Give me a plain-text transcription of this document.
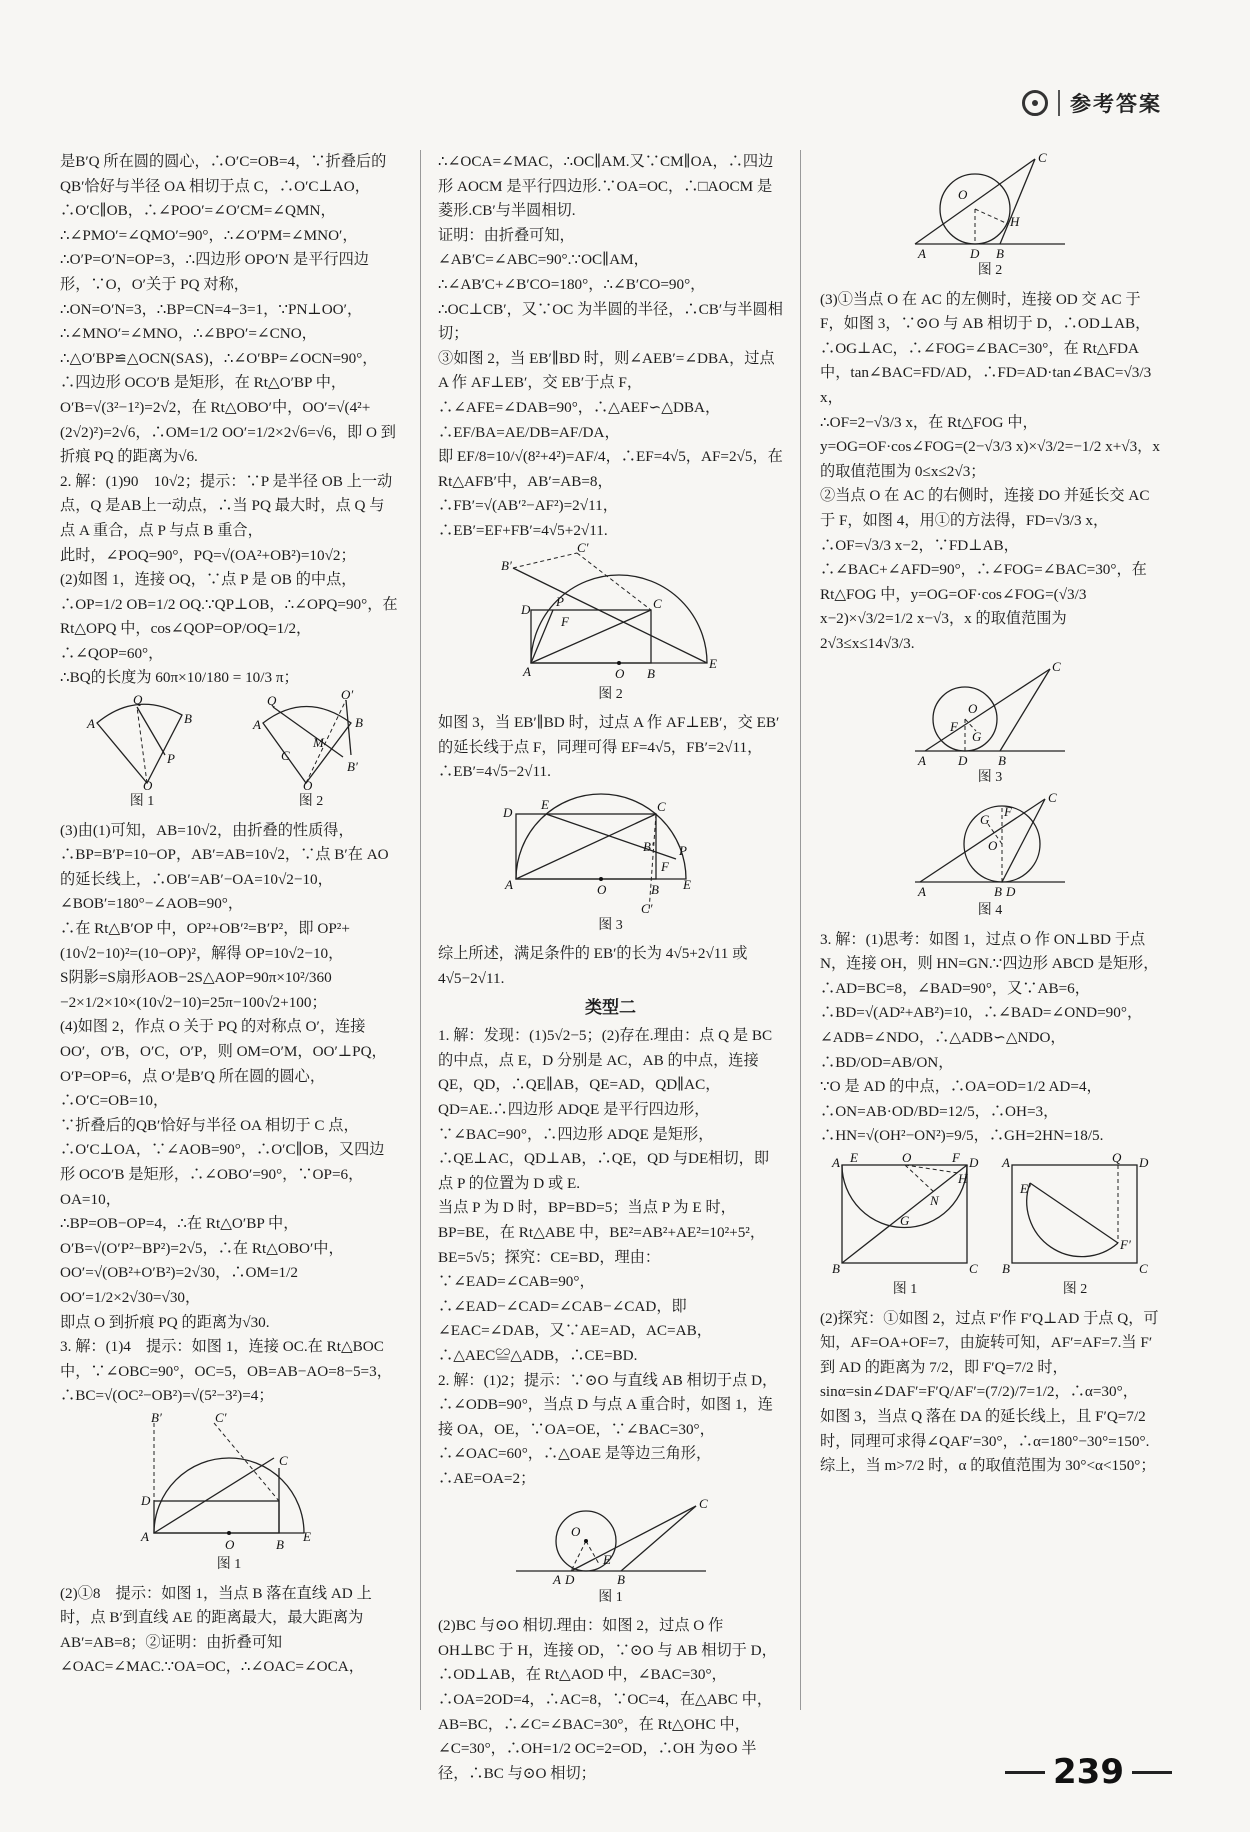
参考答案

是B′Q 所在圆的圆心，∴O′C=OB=4，∵折叠后的QB′恰好与半径 OA 相切于点 C，∴O′C⊥AO，∴O′C∥OB，∴∠POO′=∠O′CM=∠QMN，

∴∠PMO′=∠QMO′=90°，∴∠O′PM=∠MNO′，∴O′P=O′N=OP=3，∴四边形 OPO′N 是平行四边形，∵O，O′关于 PQ 对称，

∴ON=O′N=3，∴BP=CN=4−3=1，∵PN⊥OO′，∴∠MNO′=∠MNO，∴∠BPO′=∠CNO，∴△O′BP≌△OCN(SAS)，∴∠O′BP=∠OCN=90°，

∴四边形 OCO′B 是矩形，在 Rt△O′BP 中，O′B=√(3²−1²)=2√2，在 Rt△OBO′中，OO′=√(4²+(2√2)²)=2√6，∴OM=1/2 OO′=1/2×2√6=√6，即 O 到折痕 PQ 的距离为√6.

2. 解：(1)90　10√2；提示：∵P 是半径 OB 上一动点，Q 是AB上一动点，∴当 PQ 最大时，点 Q 与点 A 重合，点 P 与点 B 重合，

此时，∠POQ=90°，PQ=√(OA²+OB²)=10√2；

(2)如图 1，连接 OQ，∵点 P 是 OB 的中点，∴OP=1/2 OB=1/2 OQ.∵QP⊥OB，∴∠OPQ=90°，在 Rt△OPQ 中，cos∠QOP=OP/OQ=1/2，∴∠QOP=60°，

∴BQ的长度为 60π×10/180 = 10/3 π；

Q
A	B
P
O
图 1
Q	O′
A	B
M
C
B′
O
图 2

(3)由(1)可知，AB=10√2，由折叠的性质得，∴BP=B′P=10−OP，AB′=AB=10√2，∵点 B′在 AO 的延长线上，∴OB′=AB′−OA=10√2−10，∠BOB′=180°−∠AOB=90°，

∴在 Rt△B′OP 中，OP²+OB′²=B′P²，即 OP²+(10√2−10)²=(10−OP)²，解得 OP=10√2−10，

S阴影=S扇形AOB−2S△AOP=90π×10²/360 −2×1/2×10×(10√2−10)=25π−100√2+100；

(4)如图 2，作点 O 关于 PQ 的对称点 O′，连接 OO′，O′B，O′C，O′P，则 OM=O′M，OO′⊥PQ，O′P=OP=6，点 O′是B′Q 所在圆的圆心，∴O′C=OB=10，

∵折叠后的QB′恰好与半径 OA 相切于 C 点，∴O′C⊥OA，∵∠AOB=90°，∴O′C∥OB，又四边形 OCO′B 是矩形，∴∠OBO′=90°，∵OP=6，OA=10，

∴BP=OB−OP=4，∴在 Rt△O′BP 中，O′B=√(O′P²−BP²)=2√5，∴在 Rt△OBO′中，OO′=√(OB²+O′B²)=2√30，∴OM=1/2 OO′=1/2×2√30=√30，

即点 O 到折痕 PQ 的距离为√30.

3. 解：(1)4　提示：如图 1，连接 OC.在 Rt△BOC 中，∵∠OBC=90°，OC=5，OB=AB−AO=8−5=3，∴BC=√(OC²−OB²)=√(5²−3²)=4；

B′	C′
D
C
A
O	B
E
图 1

(2)①8　提示：如图 1，当点 B 落在直线 AD 上时，点 B′到直线 AE 的距离最大，最大距离为 AB′=AB=8；②证明：由折叠可知∠OAC=∠MAC.∵OA=OC，∴∠OAC=∠OCA，

∴∠OCA=∠MAC，∴OC∥AM.又∵CM∥OA，∴四边形 AOCM 是平行四边形.∵OA=OC，∴□AOCM 是菱形.CB′与半圆相切.

证明：由折叠可知，∠AB′C=∠ABC=90°.∵OC∥AM，∴∠AB′C+∠B′CO=180°，∴∠B′CO=90°，∴OC⊥CB′，又∵OC 为半圆的半径，∴CB′与半圆相切；

③如图 2，当 EB′∥BD 时，则∠AEB′=∠DBA，过点 A 作 AF⊥EB′，交 EB′于点 F，∴∠AFE=∠DAB=90°，∴△AEF∽△DBA，∴EF/BA=AE/DB=AF/DA，

即 EF/8=10/√(8²+4²)=AF/4，∴EF=4√5，AF=2√5，在 Rt△AFB′中，AB′=AB=8，∴FB′=√(AB′²−AF²)=2√11，∴EB′=EF+FB′=4√5+2√11.

B′
C′
D
P
F
C
A	O B
E
图 2

如图 3，当 EB′∥BD 时，过点 A 作 AF⊥EB′，交 EB′的延长线于点 F，同理可得 EF=4√5，FB′=2√11，∴EB′=4√5−2√11.

D
E	C
B′ P
F
A	O	B E
C′
图 3

综上所述，满足条件的 EB′的长为 4√5+2√11 或 4√5−2√11.

类型二

1. 解：发现：(1)5√2−5；(2)存在.理由：点 Q 是 BC 的中点，点 E，D 分别是 AC，AB 的中点，连接 QE，QD，∴QE∥AB，QE=AD，QD∥AC，QD=AE.∴四边形 ADQE 是平行四边形，∵∠BAC=90°，∴四边形 ADQE 是矩形，∴QE⊥AC，QD⊥AB，∴QE，QD 与DE相切，即点 P 的位置为 D 或 E.

当点 P 为 D 时，BP=BD=5；当点 P 为 E 时，BP=BE，在 Rt△ABE 中，BE²=AB²+AE²=10²+5²，BE=5√5；探究：CE=BD，理由：∵∠EAD=∠CAB=90°，∴∠EAD−∠CAD=∠CAB−∠CAD，即∠EAC=∠DAB，又∵AE=AD，AC=AB，∴△AEC≌△ADB，∴CE=BD.

2. 解：(1)2；提示：∵⊙O 与直线 AB 相切于点 D，∴∠ODB=90°，当点 D 与点 A 重合时，如图 1，连接 OA，OE，∵OA=OE，∵∠BAC=30°，∴∠OAC=60°，∴△OAE 是等边三角形，∴AE=OA=2；

O
C
E
A D	B
图 1

(2)BC 与⊙O 相切.理由：如图 2，过点 O 作 OH⊥BC 于 H，连接 OD，∵⊙O 与 AB 相切于 D，∴OD⊥AB，在 Rt△AOD 中，∠BAC=30°，∴OA=2OD=4，∴AC=8，∵OC=4，在△ABC 中，AB=BC，∴∠C=∠BAC=30°，在 Rt△OHC 中，∠C=30°，∴OH=1/2 OC=2=OD，∴OH 为⊙O 半径，∴BC 与⊙O 相切；

O
C
H
A	D B
图 2

(3)①当点 O 在 AC 的左侧时，连接 OD 交 AC 于 F，如图 3，∵⊙O 与 AB 相切于 D，∴OD⊥AB，∴OG⊥AC，∴∠FOG=∠BAC=30°，在 Rt△FDA 中，tan∠BAC=FD/AD，∴FD=AD·tan∠BAC=√3/3 x，

∴OF=2−√3/3 x，在 Rt△FOG 中，y=OG=OF·cos∠FOG=(2−√3/3 x)×√3/2=−1/2 x+√3，x 的取值范围为 0≤x≤2√3；

②当点 O 在 AC 的右侧时，连接 DO 并延长交 AC 于 F，如图 4，用①的方法得，FD=√3/3 x，∴OF=√3/3 x−2，∵FD⊥AB，∴∠BAC+∠AFD=90°，∴∠FOG=∠BAC=30°，在 Rt△FOG 中，y=OG=OF·cos∠FOG=(√3/3 x−2)×√3/2=1/2 x−√3，x 的取值范围为 2√3≤x≤14√3/3.

O
C
F
G
A D B
图 3
O
C
G
F
A	B D
图 4

3. 解：(1)思考：如图 1，过点 O 作 ON⊥BD 于点 N，连接 OH，则 HN=GN.∵四边形 ABCD 是矩形，∴AD=BC=8，∠BAD=90°，又∵AB=6，∴BD=√(AD²+AB²)=10，∴∠BAD=∠OND=90°，∠ADB=∠NDO，∴△ADB∽△NDO，∴BD/OD=AB/ON，

∵O 是 AD 的中点，∴OA=OD=1/2 AD=4，∴ON=AB·OD/BD=12/5，∴OH=3，∴HN=√(OH²−ON²)=9/5，∴GH=2HN=18/5.

A E	O	F D
H
N
G
B	C
图 1
A	Q D
E′
F′
B	C
图 2

(2)探究：①如图 2，过点 F′作 F′Q⊥AD 于点 Q，可知，AF=OA+OF=7，由旋转可知，AF′=AF=7.当 F′到 AD 的距离为 7/2，即 F′Q=7/2 时，sinα=sin∠DAF′=F′Q/AF′=(7/2)/7=1/2，∴α=30°，

如图 3，当点 Q 落在 DA 的延长线上，且 F′Q=7/2 时，同理可求得∠QAF′=30°，∴α=180°−30°=150°.综上，当 m>7/2 时，α 的取值范围为 30°<α<150°；

239
